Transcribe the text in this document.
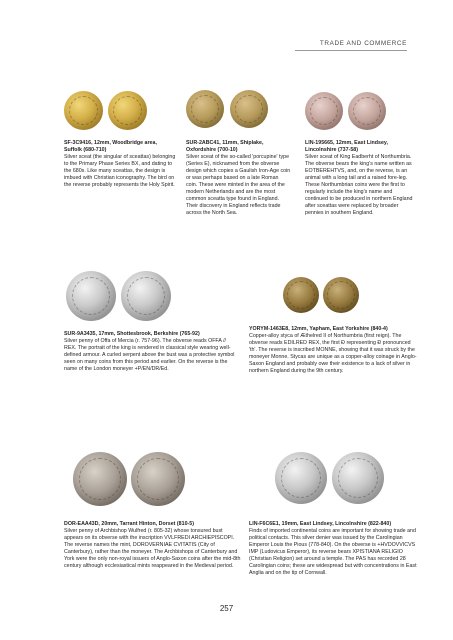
TRADE AND COMMERCE
SF-3C9416, 12mm, Woodbridge area, Suffolk (680-710)
Silver sceat (the singular of sceattas) belonging to the Primary Phase Series BX, and dating to the 680s. Like many sceattas, the design is imbued with Christian iconography. The bird on the reverse probably represents the Holy Spirit.
SUR-2ABC41, 11mm, Shiplake, Oxfordshire (700-10)
Silver sceat of the so-called 'porcupine' type (Series E), nicknamed from the obverse design which copies a Gaulish Iron-Age coin or was perhaps based on a late Roman coin. These were minted in the area of the modern Netherlands and are the most common sceatta type found in England. Their discovery in England reflects trade across the North Sea.
LIN-195665, 12mm, East Lindsey, Lincolnshire (737-58)
Silver sceat of King Eadberht of Northumbria. The obverse bears the king's name written as EOTBEREHTVS, and, on the reverse, is an animal with a long tail and a raised fore-leg. These Northumbrian coins were the first to regularly include the king's name and continued to be produced in northern England after sceattas were replaced by broader pennies in southern England.
SUR-9A3435, 17mm, Shottesbrook, Berkshire (765-92)
Silver penny of Offa of Mercia (r. 757-96). The obverse reads OFFA // REX. The portrait of the king is rendered in classical style wearing well-defined armour. A curled serpent above the bust was a protective symbol seen on many coins from this period and earlier. On the reverse is the name of the London moneyer +P/EN/DR/Ed.
YORYM-1463E8, 12mm, Yapham, East Yorkshire (840-4)
Copper-alloy styca of Æthelred II of Northumbria (first reign). The obverse reads EDILRED REX, the first Ð representing Ð pronounced 'th'. The reverse is inscribed MONNE, showing that it was struck by the moneyer Monne. Stycas are unique as a copper-alloy coinage in Anglo-Saxon England and probably owe their existence to a lack of silver in northern England during the 9th century.
DOR-EAA43D, 20mm, Tarrant Hinton, Dorset (810-5)
Silver penny of Archbishop Wulfred (r. 805-32) whose tonsured bust appears on its obverse with the inscription VVLFREDI ARCHIEPISCOPI. The reverse names the mint, DOROVERNIAE CVITATIS (City of Canterbury), rather than the moneyer. The Archbishops of Canterbury and York were the only non-royal issuers of Anglo-Saxon coins after the mid-8th century although ecclesiastical mints reappeared in the Medieval period.
LIN-F6C6E1, 19mm, East Lindsey, Lincolnshire (822-840)
Finds of imported continental coins are important for showing trade and political contacts. This silver denier was issued by the Carolingian Emperor Louis the Pious (778-840). On the obverse is +HVDOVVICVS IMP (Ludovicus Emperor), its reverse bears XPISTIANA RELIGIO (Christian Religion) set around a temple. The PAS has recorded 28 Carolingian coins; these are widespread but with concentrations in East Anglia and on the tip of Cornwall.
257
